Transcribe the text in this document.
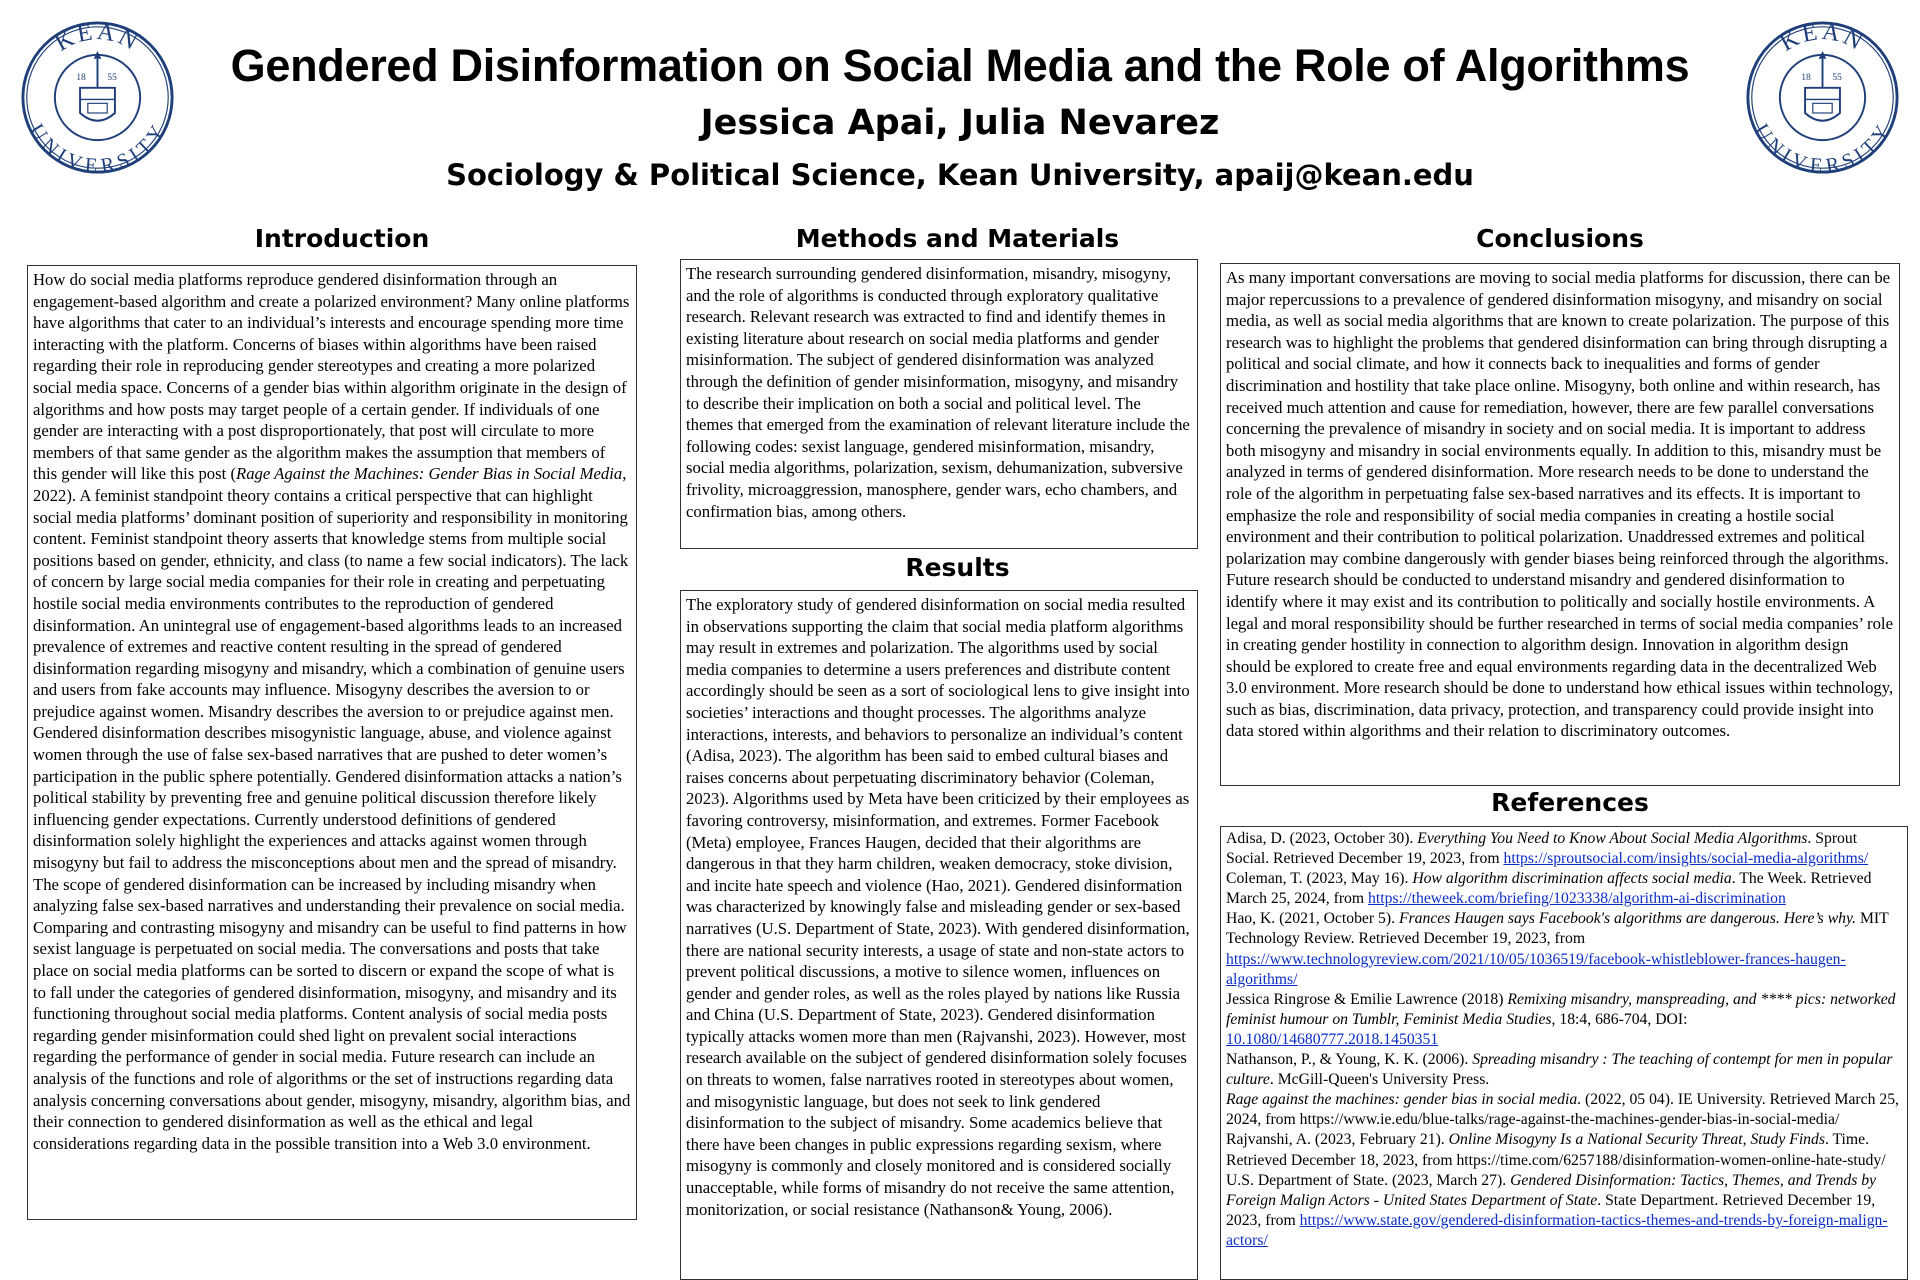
KEAN
UNIVERSITY
18 55
KEAN
UNIVERSITY
18 55
Gendered Disinformation on Social Media and the Role of Algorithms
Jessica Apai, Julia Nevarez
Sociology & Political Science, Kean University, apaij@kean.edu
Introduction

How do social media platforms reproduce gendered disinformation through an engagement-based algorithm and create a polarized environment? Many online platforms have algorithms that cater to an individual’s interests and encourage spending more time interacting with the platform. Concerns of biases within algorithms have been raised regarding their role in reproducing gender stereotypes and creating a more polarized social media space. Concerns of a gender bias within algorithm originate in the design of algorithms and how posts may target people of a certain gender. If individuals of one gender are interacting with a post disproportionately, that post will circulate to more members of that same gender as the algorithm makes the assumption that members of this gender will like this post (Rage Against the Machines: Gender Bias in Social Media, 2022). A feminist standpoint theory contains a critical perspective that can highlight social media platforms’ dominant position of superiority and responsibility in monitoring content. Feminist standpoint theory asserts that knowledge stems from multiple social positions based on gender, ethnicity, and class (to name a few social indicators). The lack of concern by large social media companies for their role in creating and perpetuating hostile social media environments contributes to the reproduction of gendered disinformation. An unintegral use of engagement-based algorithms leads to an increased prevalence of extremes and reactive content resulting in the spread of gendered disinformation regarding misogyny and misandry, which a combination of genuine users and users from fake accounts may influence. Misogyny describes the aversion to or prejudice against women. Misandry describes the aversion to or prejudice against men. Gendered disinformation describes misogynistic language, abuse, and violence against women through the use of false sex-based narratives that are pushed to deter women’s participation in the public sphere potentially. Gendered disinformation attacks a nation’s political stability by preventing free and genuine political discussion therefore likely influencing gender expectations. Currently understood definitions of gendered disinformation solely highlight the experiences and attacks against women through misogyny but fail to address the misconceptions about men and the spread of misandry. The scope of gendered disinformation can be increased by including misandry when analyzing false sex-based narratives and understanding their prevalence on social media. Comparing and contrasting misogyny and misandry can be useful to find patterns in how sexist language is perpetuated on social media. The conversations and posts that take place on social media platforms can be sorted to discern or expand the scope of what is to fall under the categories of gendered disinformation, misogyny, and misandry and its functioning throughout social media platforms. Content analysis of social media posts regarding gender misinformation could shed light on prevalent social interactions regarding the performance of gender in social media. Future research can include an analysis of the functions and role of algorithms or the set of instructions regarding data analysis concerning conversations about gender, misogyny, misandry, algorithm bias, and their connection to gendered disinformation as well as the ethical and legal considerations regarding data in the possible transition into a Web 3.0 environment.

Methods and Materials

The research surrounding gendered disinformation, misandry, misogyny, and the role of algorithms is conducted through exploratory qualitative research. Relevant research was extracted to find and identify themes in existing literature about research on social media platforms and gender misinformation. The subject of gendered disinformation was analyzed through the definition of gender misinformation, misogyny, and misandry to describe their implication on both a social and political level. The themes that emerged from the examination of relevant literature include the following codes: sexist language, gendered misinformation, misandry, social media algorithms, polarization, sexism, dehumanization, subversive frivolity, microaggression, manosphere, gender wars, echo chambers, and confirmation bias, among others.

Results

The exploratory study of gendered disinformation on social media resulted in observations supporting the claim that social media platform algorithms may result in extremes and polarization. The algorithms used by social media companies to determine a users preferences and distribute content accordingly should be seen as a sort of sociological lens to give insight into societies’ interactions and thought processes. The algorithms analyze interactions, interests, and behaviors to personalize an individual’s content (Adisa, 2023). The algorithm has been said to embed cultural biases and raises concerns about perpetuating discriminatory behavior (Coleman, 2023). Algorithms used by Meta have been criticized by their employees as favoring controversy, misinformation, and extremes. Former Facebook (Meta) employee, Frances Haugen, decided that their algorithms are dangerous in that they harm children, weaken democracy, stoke division, and incite hate speech and violence (Hao, 2021). Gendered disinformation was characterized by knowingly false and misleading gender or sex-based narratives (U.S. Department of State, 2023). With gendered disinformation, there are national security interests, a usage of state and non-state actors to prevent political discussions, a motive to silence women, influences on gender and gender roles, as well as the roles played by nations like Russia and China (U.S. Department of State, 2023). Gendered disinformation typically attacks women more than men (Rajvanshi, 2023). However, most research available on the subject of gendered disinformation solely focuses on threats to women, false narratives rooted in stereotypes about women, and misogynistic language, but does not seek to link gendered disinformation to the subject of misandry. Some academics believe that there have been changes in public expressions regarding sexism, where misogyny is commonly and closely monitored and is considered socially unacceptable, while forms of misandry do not receive the same attention, monitorization, or social resistance (Nathanson& Young, 2006).

Conclusions

As many important conversations are moving to social media platforms for discussion, there can be major repercussions to a prevalence of gendered disinformation misogyny, and misandry on social media, as well as social media algorithms that are known to create polarization. The purpose of this research was to highlight the problems that gendered disinformation can bring through disrupting a political and social climate, and how it connects back to inequalities and forms of gender discrimination and hostility that take place online. Misogyny, both online and within research, has received much attention and cause for remediation, however, there are few parallel conversations concerning the prevalence of misandry in society and on social media. It is important to address both misogyny and misandry in social environments equally. In addition to this, misandry must be analyzed in terms of gendered disinformation. More research needs to be done to understand the role of the algorithm in perpetuating false sex-based narratives and its effects. It is important to emphasize the role and responsibility of social media companies in creating a hostile social environment and their contribution to political polarization. Unaddressed extremes and political polarization may combine dangerously with gender biases being reinforced through the algorithms. Future research should be conducted to understand misandry and gendered disinformation to identify where it may exist and its contribution to politically and socially hostile environments. A legal and moral responsibility should be further researched in terms of social media companies’ role in creating gender hostility in connection to algorithm design. Innovation in algorithm design should be explored to create free and equal environments regarding data in the decentralized Web 3.0 environment. More research should be done to understand how ethical issues within technology, such as bias, discrimination, data privacy, protection, and transparency could provide insight into data stored within algorithms and their relation to discriminatory outcomes.

References

Adisa, D. (2023, October 30). Everything You Need to Know About Social Media Algorithms. Sprout Social. Retrieved December 19, 2023, from https://sproutsocial.com/insights/social-media-algorithms/

Coleman, T. (2023, May 16). How algorithm discrimination affects social media. The Week. Retrieved March 25, 2024, from https://theweek.com/briefing/1023338/algorithm-ai-discrimination

Hao, K. (2021, October 5). Frances Haugen says Facebook's algorithms are dangerous. Here’s why. MIT Technology Review. Retrieved December 19, 2023, from https://www.technologyreview.com/2021/10/05/1036519/facebook-whistleblower-frances-haugen-algorithms/

Jessica Ringrose & Emilie Lawrence (2018) Remixing misandry, manspreading, and **** pics: networked feminist humour on Tumblr, Feminist Media Studies, 18:4, 686-704, DOI: 10.1080/14680777.2018.1450351

Nathanson, P., & Young, K. K. (2006). Spreading misandry : The teaching of contempt for men in popular culture. McGill-Queen's University Press.

Rage against the machines: gender bias in social media. (2022, 05 04). IE University. Retrieved March 25, 2024, from https://www.ie.edu/blue-talks/rage-against-the-machines-gender-bias-in-social-media/

Rajvanshi, A. (2023, February 21). Online Misogyny Is a National Security Threat, Study Finds. Time. Retrieved December 18, 2023, from https://time.com/6257188/disinformation-women-online-hate-study/

U.S. Department of State. (2023, March 27). Gendered Disinformation: Tactics, Themes, and Trends by Foreign Malign Actors - United States Department of State. State Department. Retrieved December 19, 2023, from https://www.state.gov/gendered-disinformation-tactics-themes-and-trends-by-foreign-malign-actors/
